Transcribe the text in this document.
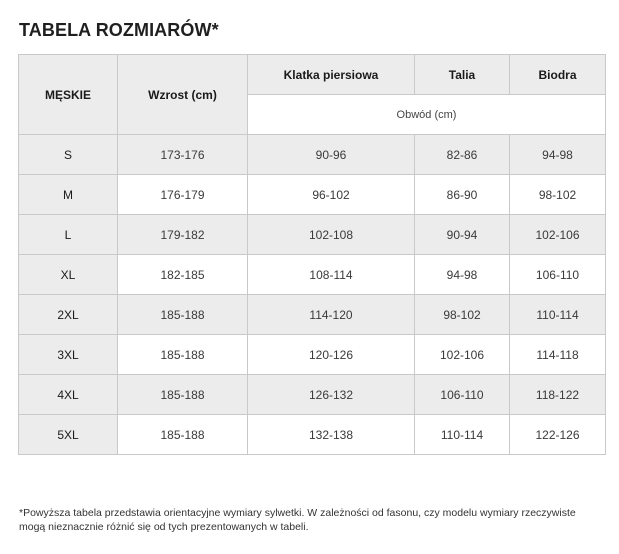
TABELA ROZMIARÓW*
MĘSKIE	Wzrost (cm)	Klatka piersiowa	Talia	Biodra
		Obwód (cm)		
S	173-176	90-96	82-86	94-98
M	176-179	96-102	86-90	98-102
L	179-182	102-108	90-94	102-106
XL	182-185	108-114	94-98	106-110
2XL	185-188	114-120	98-102	110-114
3XL	185-188	120-126	102-106	114-118
4XL	185-188	126-132	106-110	118-122
5XL	185-188	132-138	110-114	122-126
*Powyższa tabela przedstawia orientacyjne wymiary sylwetki. W zależności od fasonu, czy modelu wymiary rzeczywiste mogą nieznacznie różnić się od tych prezentowanych w tabeli.
